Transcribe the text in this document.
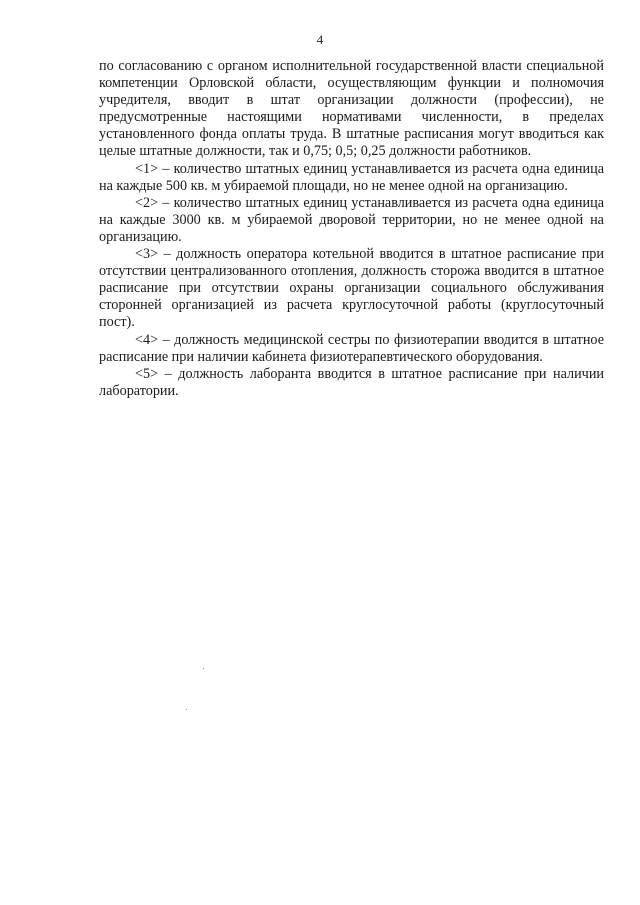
4

по согласованию с органом исполнительной государственной власти специальной компетенции Орловской области, осуществляющим функции и полномочия учредителя, вводит в штат организации должности (профессии), не предусмотренные настоящими нормативами численности, в пределах установленного фонда оплаты труда. В штатные расписания могут вводиться как целые штатные должности, так и 0,75; 0,5; 0,25 должности работников.

<1> – количество штатных единиц устанавливается из расчета одна единица на каждые 500 кв. м убираемой площади, но не менее одной на организацию.

<2> – количество штатных единиц устанавливается из расчета одна единица на каждые 3000 кв. м убираемой дворовой территории, но не менее одной на организацию.

<3> – должность оператора котельной вводится в штатное расписание при отсутствии централизованного отопления, должность сторожа вводится в штатное расписание при отсутствии охраны организации социального обслуживания сторонней организацией из расчета круглосуточной работы (круглосуточный пост).

<4> – должность медицинской сестры по физиотерапии вводится в штатное расписание при наличии кабинета физиотерапевтического оборудования.

<5> – должность лаборанта вводится в штатное расписание при наличии лаборатории.
